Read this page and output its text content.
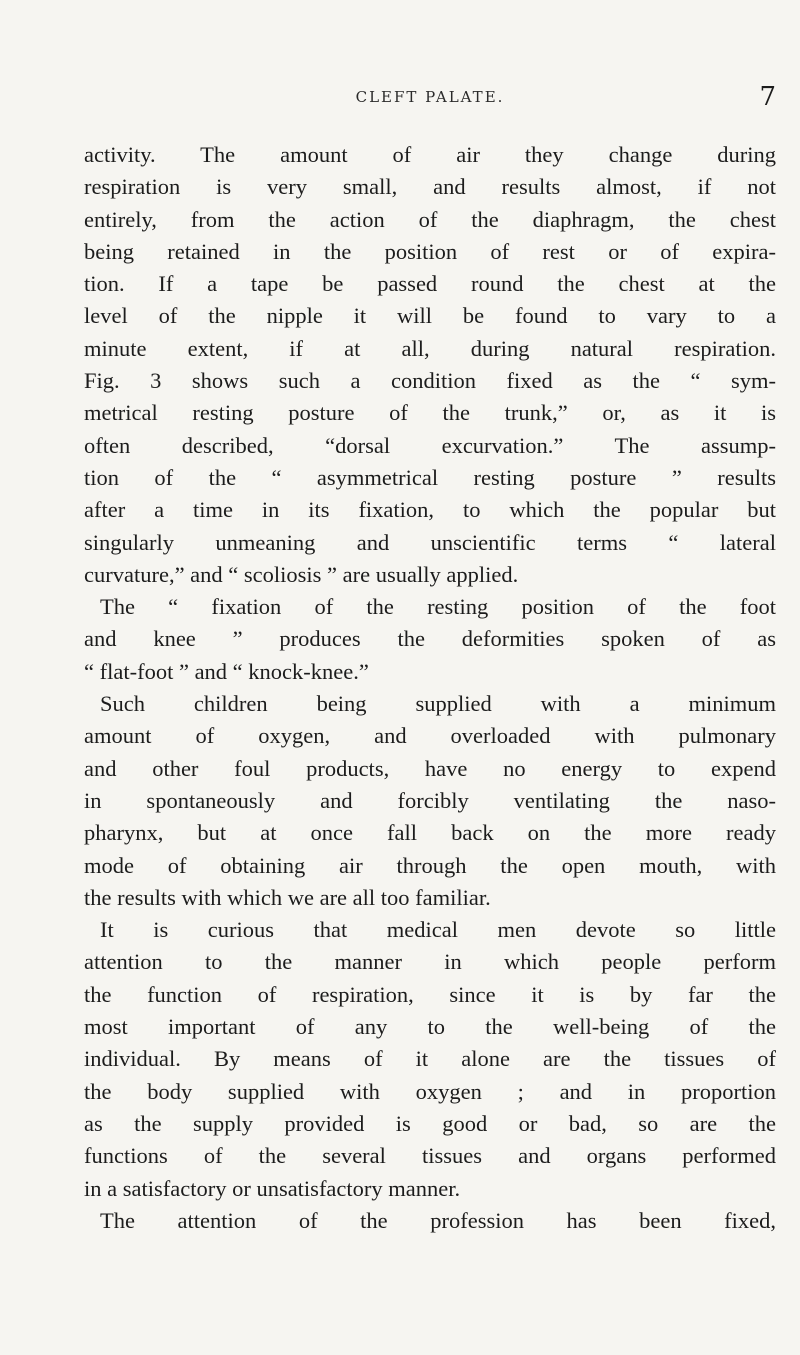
CLEFT PALATE.	7
activity. The amount of air they change during
respiration is very small, and results almost, if not
entirely, from the action of the diaphragm, the chest
being retained in the position of rest or of expira-
tion. If a tape be passed round the chest at the
level of the nipple it will be found to vary to a
minute extent, if at all, during natural respiration.
Fig. 3 shows such a condition fixed as the “ sym-
metrical resting posture of the trunk,” or, as it is
often described, “dorsal excurvation.” The assump-
tion of the “ asymmetrical resting posture ” results
after a time in its fixation, to which the popular but
singularly unmeaning and unscientific terms “ lateral
curvature,” and “ scoliosis ” are usually applied.
The “ fixation of the resting position of the foot
and knee ” produces the deformities spoken of as
“ flat-foot ” and “ knock-knee.”
Such children being supplied with a minimum
amount of oxygen, and overloaded with pulmonary
and other foul products, have no energy to expend
in spontaneously and forcibly ventilating the naso-
pharynx, but at once fall back on the more ready
mode of obtaining air through the open mouth, with
the results with which we are all too familiar.
It is curious that medical men devote so little
attention to the manner in which people perform
the function of respiration, since it is by far the
most important of any to the well-being of the
individual. By means of it alone are the tissues of
the body supplied with oxygen ; and in proportion
as the supply provided is good or bad, so are the
functions of the several tissues and organs performed
in a satisfactory or unsatisfactory manner.
The attention of the profession has been fixed,
